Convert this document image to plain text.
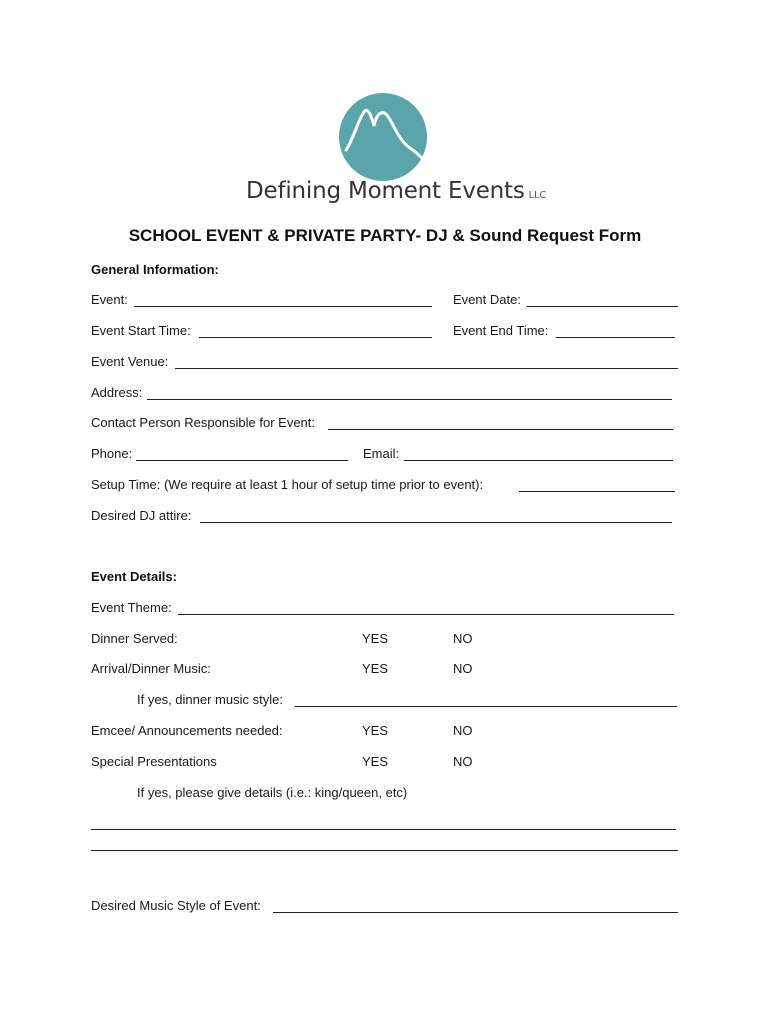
Defining Moment Events LLC
SCHOOL EVENT & PRIVATE PARTY- DJ & Sound Request Form
General Information:
Event:	Event Date:
Event Start Time:	Event End Time:
Event Venue:
Address:
Contact Person Responsible for Event:
Phone:	Email:
Setup Time: (We require at least 1 hour of setup time prior to event):
Desired DJ attire:
Event Details:
Event Theme:
Dinner Served:	YES	NO
Arrival/Dinner Music:	YES	NO
If yes, dinner music style:
Emcee/ Announcements needed:	YES	NO
Special Presentations	YES	NO
If yes, please give details (i.e.: king/queen, etc)
Desired Music Style of Event:
